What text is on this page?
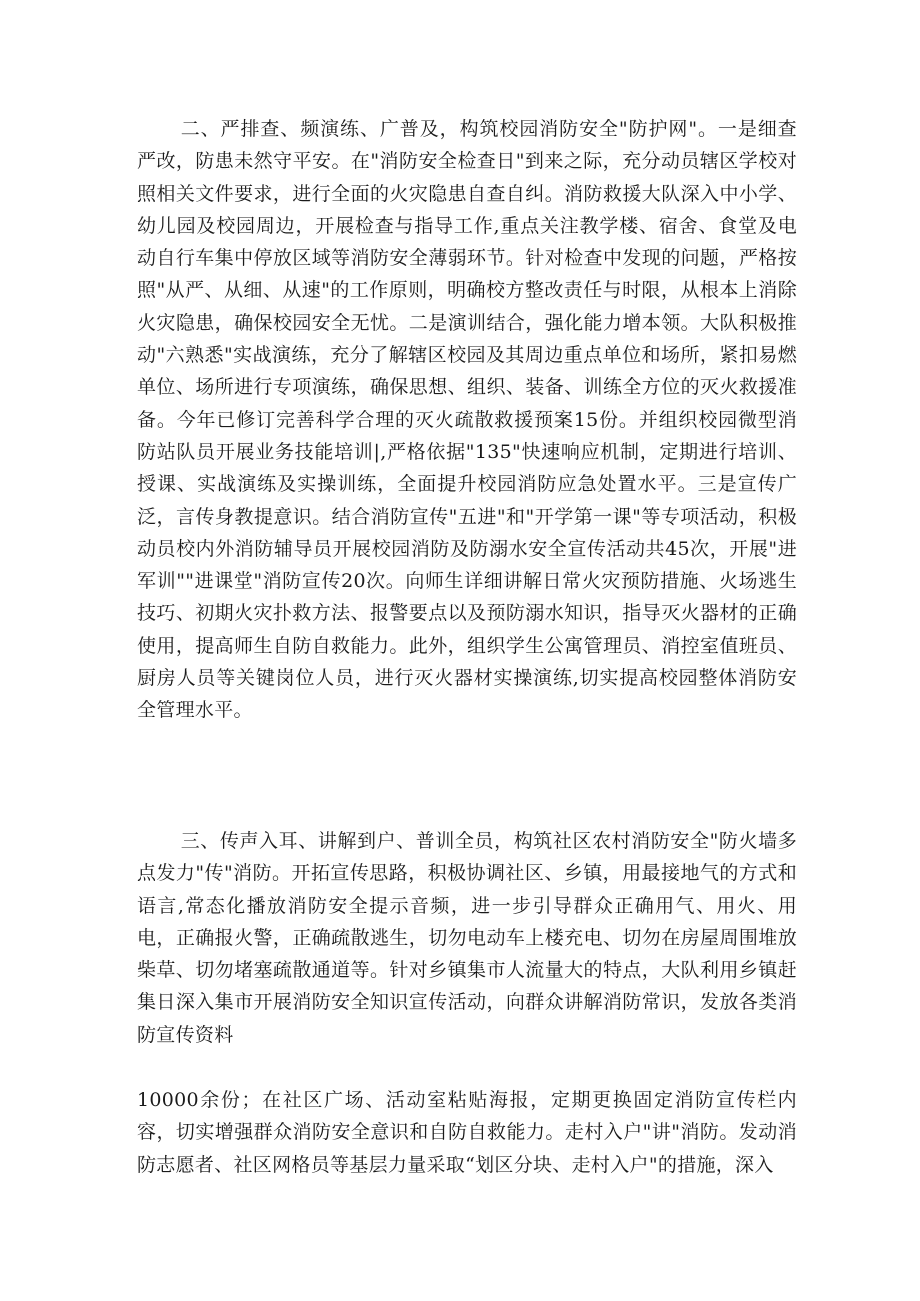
二、严排查、频演练、广普及，构筑校园消防安全"防护网"。一是细查严改，防患未然守平安。在"消防安全检查日"到来之际，充分动员辖区学校对照相关文件要求，进行全面的火灾隐患自查自纠。消防救援大队深入中小学、幼儿园及校园周边，开展检查与指导工作,重点关注教学楼、宿舍、食堂及电动自行车集中停放区域等消防安全薄弱环节。针对检查中发现的问题，严格按照"从严、从细、从速"的工作原则，明确校方整改责任与时限，从根本上消除火灾隐患，确保校园安全无忧。二是演训结合，强化能力增本领。大队积极推动"六熟悉"实战演练，充分了解辖区校园及其周边重点单位和场所，紧扣易燃单位、场所进行专项演练，确保思想、组织、装备、训练全方位的灭火救援准备。今年已修订完善科学合理的灭火疏散救援预案15份。并组织校园微型消防站队员开展业务技能培训|,严格依据"135"快速响应机制，定期进行培训、授课、实战演练及实操训练，全面提升校园消防应急处置水平。三是宣传广泛，言传身教提意识。结合消防宣传"五进"和"开学第一课"等专项活动，积极动员校内外消防辅导员开展校园消防及防溺水安全宣传活动共45次，开展"进军训""进课堂"消防宣传20次。向师生详细讲解日常火灾预防措施、火场逃生技巧、初期火灾扑救方法、报警要点以及预防溺水知识，指导灭火器材的正确使用，提高师生自防自救能力。此外，组织学生公寓管理员、消控室值班员、厨房人员等关键岗位人员，进行灭火器材实操演练,切实提高校园整体消防安全管理水平。

三、传声入耳、讲解到户、普训全员，构筑社区农村消防安全"防火墙多点发力"传"消防。开拓宣传思路，积极协调社区、乡镇，用最接地气的方式和语言,常态化播放消防安全提示音频，进一步引导群众正确用气、用火、用电，正确报火警，正确疏散逃生，切勿电动车上楼充电、切勿在房屋周围堆放柴草、切勿堵塞疏散通道等。针对乡镇集市人流量大的特点，大队利用乡镇赶集日深入集市开展消防安全知识宣传活动，向群众讲解消防常识，发放各类消防宣传资料

10000余份；在社区广场、活动室粘贴海报，定期更换固定消防宣传栏内容，切实增强群众消防安全意识和自防自救能力。走村入户"讲"消防。发动消防志愿者、社区网格员等基层力量采取“划区分块、走村入户"的措施，深入
